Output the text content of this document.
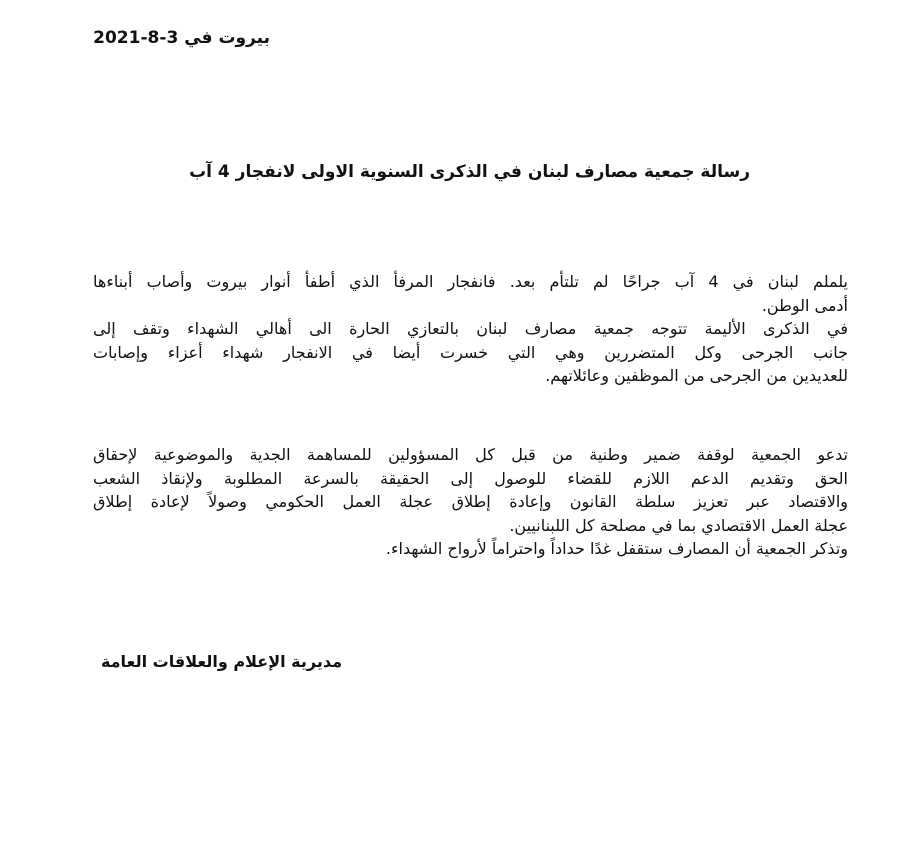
بيروت في 3-8-2021
رسالة جمعية مصارف لبنان في الذكرى السنوية الاولى لانفجار 4 آب
يلملم لبنان في 4 آب جراحًا لم تلتأم بعد. فانفجار المرفأ الذي أطفأ أنوار بيروت وأصاب أبناءها
أدمى الوطن.
في الذكرى الأليمة تتوجه جمعية مصارف لبنان بالتعازي الحارة الى أهالي الشهداء وتقف إلى
جانب الجرحى وكل المتضررين وهي التي خسرت أيضا في الانفجار شهداء أعزاء وإصابات
للعديدين من الجرحى من الموظفين وعائلاتهم.
تدعو الجمعية لوقفة ضمير وطنية من قبل كل المسؤولين للمساهمة الجدية والموضوعية لإحقاق
الحق وتقديم الدعم اللازم للقضاء للوصول إلى الحقيقة بالسرعة المطلوبة ولإنقاذ الشعب
والاقتصاد عبر تعزيز سلطة القانون وإعادة إطلاق عجلة العمل الحكومي وصولاً لإعادة إطلاق
عجلة العمل الاقتصادي بما في مصلحة كل اللبنانيين.
وتذكر الجمعية أن المصارف ستقفل غدًا حداداً واحتراماً لأرواح الشهداء.
مديرية الإعلام والعلاقات العامة
